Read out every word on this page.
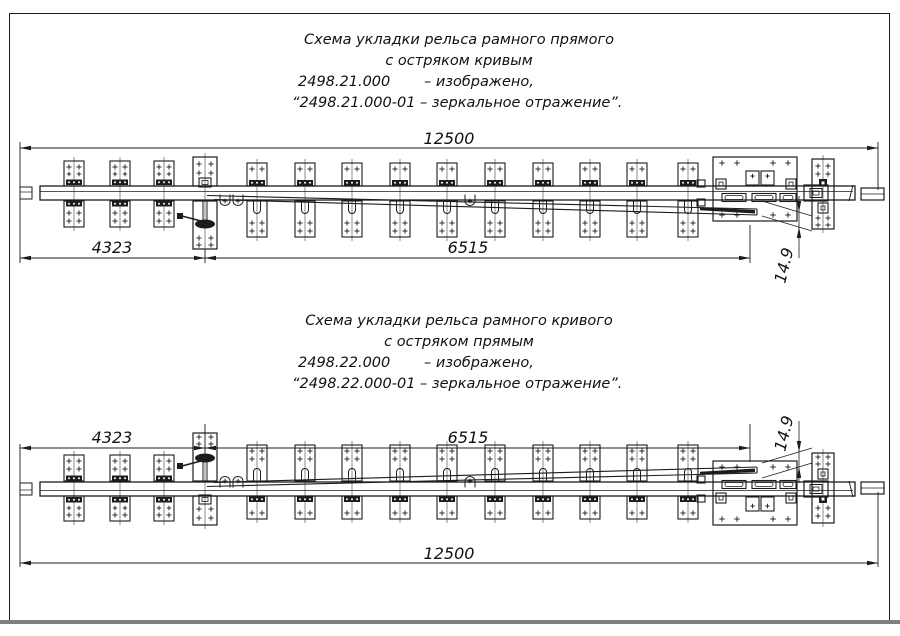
Схема укладки рельса рамного прямого
с остряком кривым
2498.21.000 – изображено,
“2498.21.000-01 – зеркальное отражение”.
Схема укладки рельса рамного кривого
с остряком прямым
2498.22.000 – изображено,
“2498.22.000-01 – зеркальное отражение”.
12500
4323	6515	14.9
4323	6515
12500
14.9
